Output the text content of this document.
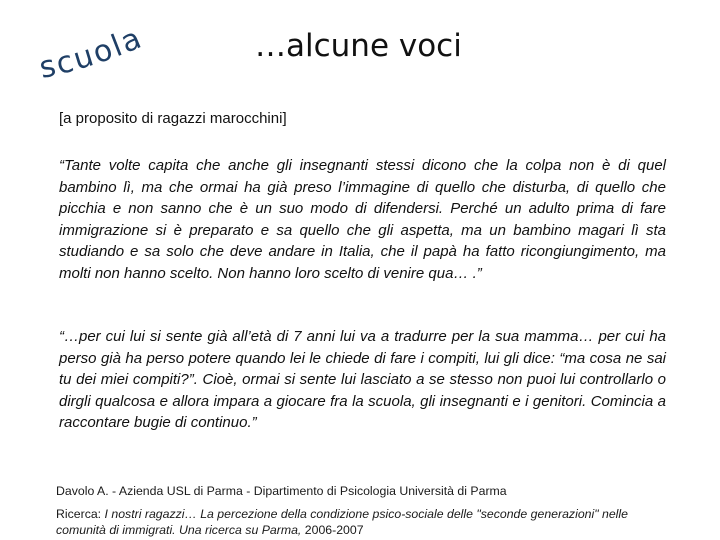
scuola	…alcune voci
[a proposito di ragazzi marocchini]
“Tante volte capita che anche gli insegnanti stessi dicono che la colpa non è di quel bambino lì, ma che ormai ha già preso l’immagine di quello che disturba, di quello che picchia e non sanno che è un suo modo di difendersi. Perché un adulto prima di fare immigrazione si è preparato e sa quello che gli aspetta, ma un bambino magari lì sta studiando e sa solo che deve andare in Italia, che il papà ha fatto ricongiungimento, ma molti non hanno scelto. Non hanno loro scelto di venire qua… .”
“…per cui lui si sente già all’età di 7 anni lui va a tradurre per la sua mamma… per cui ha perso già ha perso potere quando lei le chiede di fare i compiti, lui gli dice: “ma cosa ne sai tu dei miei compiti?”. Cioè, ormai si sente lui lasciato a se stesso non puoi lui controllarlo o dirgli qualcosa e allora impara a giocare fra la scuola, gli insegnanti e i genitori. Comincia a raccontare bugie di continuo.”
Davolo A. - Azienda USL di Parma - Dipartimento di Psicologia Università di Parma
Ricerca: I nostri ragazzi… La percezione della condizione psico-sociale delle "seconde generazioni" nelle comunità di immigrati. Una ricerca su Parma, 2006-2007
